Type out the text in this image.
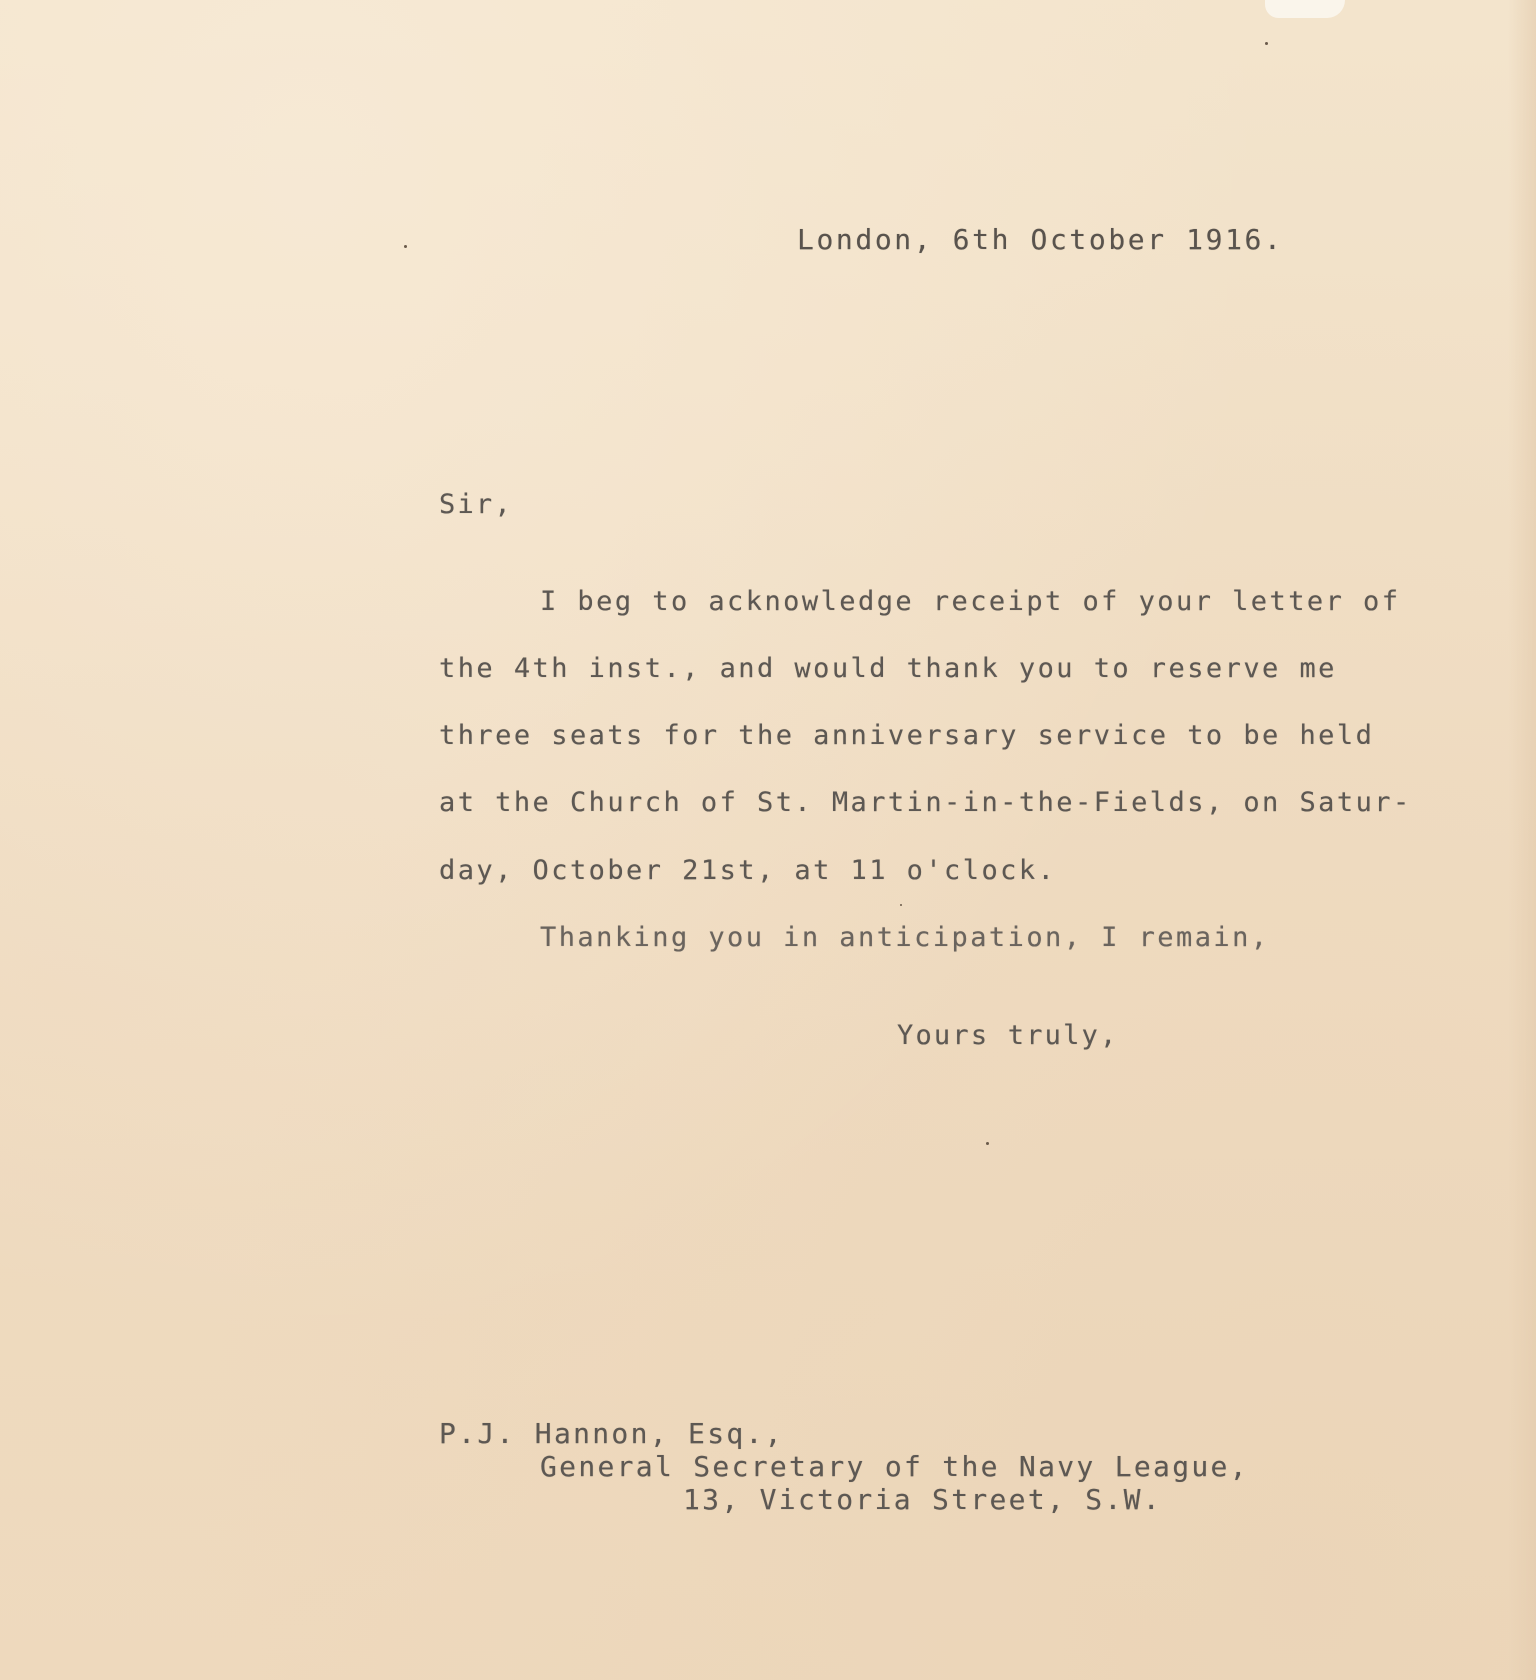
London, 6th October 1916.
Sir,
I beg to acknowledge receipt of your letter of
the 4th inst., and would thank you to reserve me
three seats for the anniversary service to be held
at the Church of St. Martin-in-the-Fields, on Satur-
day, October 21st, at 11 o'clock.
Thanking you in anticipation, I remain,
Yours truly,
P.J. Hannon, Esq.,
General Secretary of the Navy League,
13, Victoria Street, S.W.
